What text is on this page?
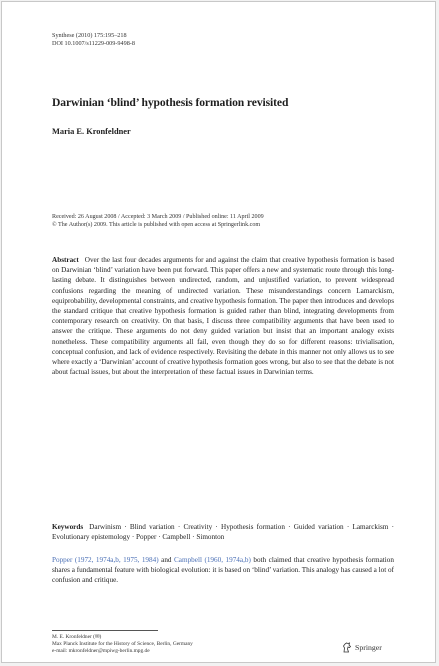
Synthese (2010) 175:195–218
DOI 10.1007/s11229-009-9498-8
Darwinian ‘blind’ hypothesis formation revisited
Maria E. Kronfeldner
Received: 26 August 2008 / Accepted: 3 March 2009 / Published online: 11 April 2009
© The Author(s) 2009. This article is published with open access at Springerlink.com
Abstract Over the last four decades arguments for and against the claim that creative hypothesis formation is based on Darwinian ‘blind’ variation have been put forward. This paper offers a new and systematic route through this long-lasting debate. It distinguishes between undirected, random, and unjustified variation, to prevent widespread confusions regarding the meaning of undirected variation. These misunderstandings concern Lamarckism, equiprobability, developmental constraints, and creative hypothesis formation. The paper then introduces and develops the standard critique that creative hypothesis formation is guided rather than blind, integrating developments from contemporary research on creativity. On that basis, I discuss three compatibility arguments that have been used to answer the critique. These arguments do not deny guided variation but insist that an important analogy exists nonetheless. These compatibility arguments all fail, even though they do so for different reasons: trivialisation, conceptual confusion, and lack of evidence respectively. Revisiting the debate in this manner not only allows us to see where exactly a ‘Darwinian’ account of creative hypothesis formation goes wrong, but also to see that the debate is not about factual issues, but about the interpretation of these factual issues in Darwinian terms.
Keywords Darwinism · Blind variation · Creativity · Hypothesis formation · Guided variation · Lamarckism · Evolutionary epistemology · Popper · Campbell · Simonton
Popper (1972, 1974a,b, 1975, 1984) and Campbell (1960, 1974a,b) both claimed that creative hypothesis formation shares a fundamental feature with biological evolution: it is based on ‘blind’ variation. This analogy has caused a lot of confusion and critique.
M. E. Kronfeldner (✉)
Max Planck Institute for the History of Science, Berlin, Germany
e-mail: mkronfeldner@mpiwg-berlin.mpg.de	Springer
